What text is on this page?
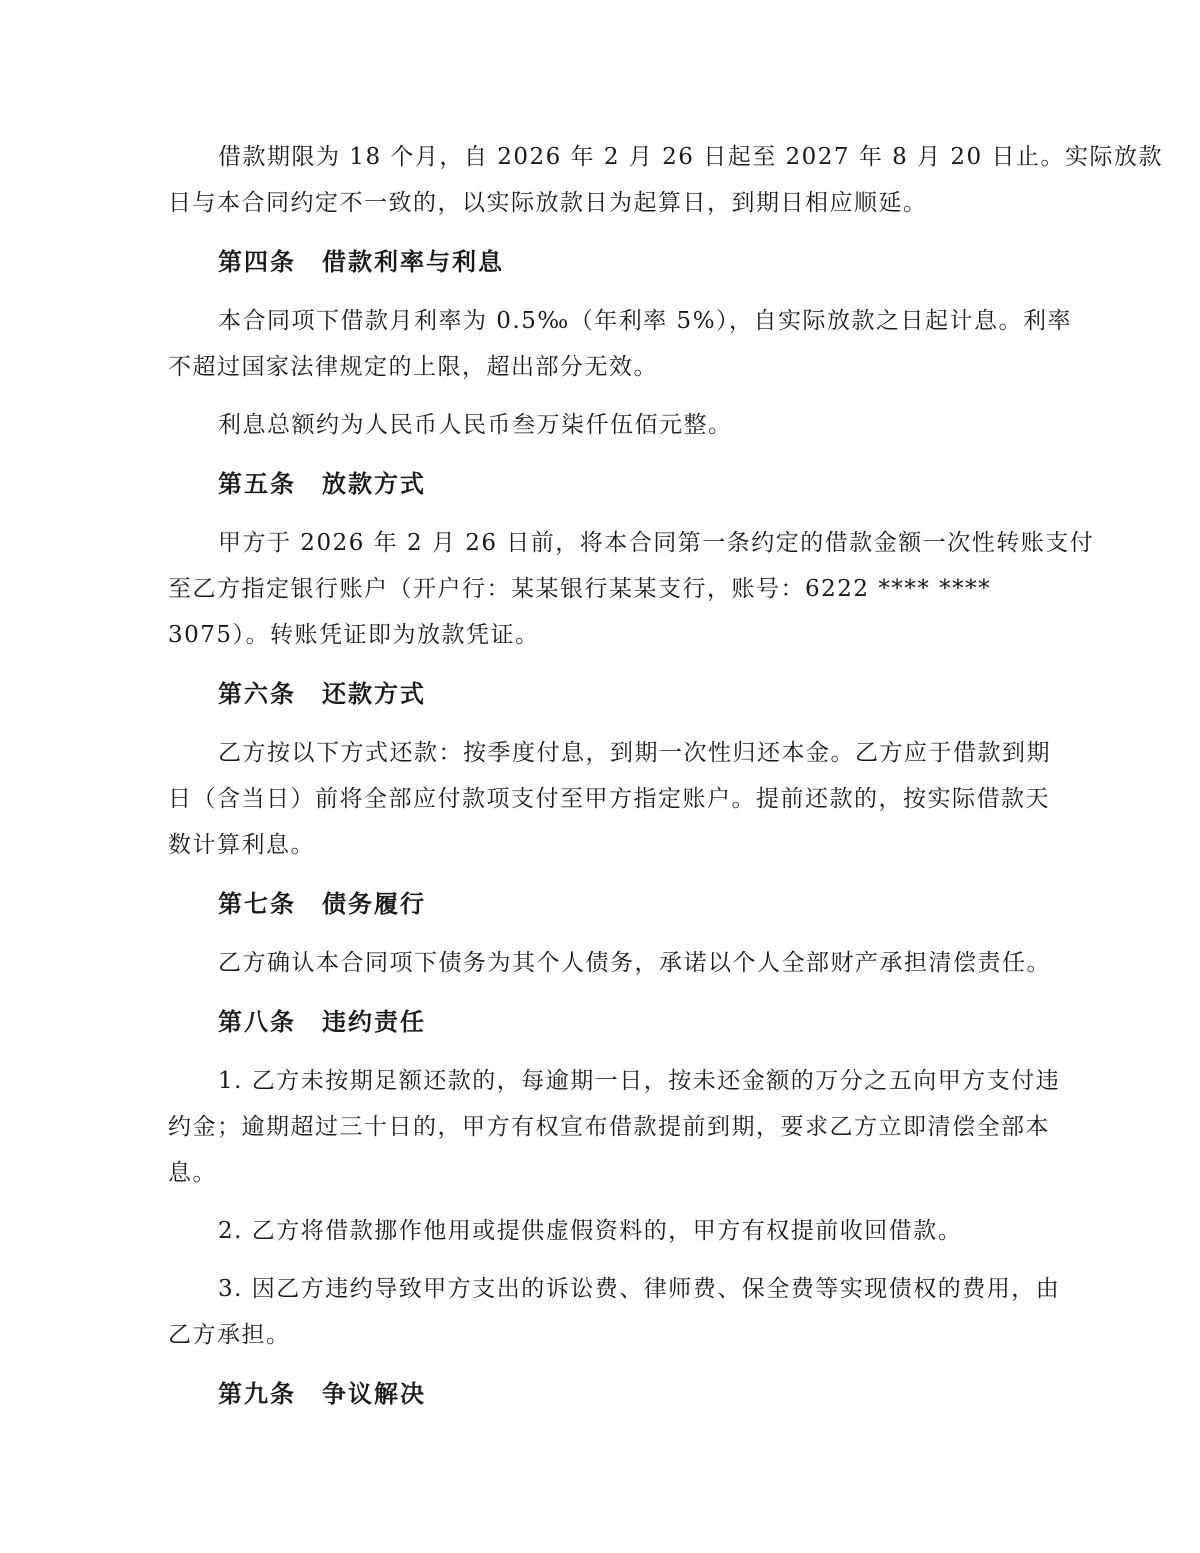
借款期限为 18 个月，自 2026 年 2 月 26 日起至 2027 年 8 月 20 日止。实际放款
日与本合同约定不一致的，以实际放款日为起算日，到期日相应顺延。
第四条 借款利率与利息
本合同项下借款月利率为 0.5‰（年利率 5%），自实际放款之日起计息。利率
不超过国家法律规定的上限，超出部分无效。
利息总额约为人民币人民币叁万柒仟伍佰元整。
第五条 放款方式
甲方于 2026 年 2 月 26 日前，将本合同第一条约定的借款金额一次性转账支付
至乙方指定银行账户（开户行：某某银行某某支行，账号：6222 **** ****
3075）。转账凭证即为放款凭证。
第六条 还款方式
乙方按以下方式还款：按季度付息，到期一次性归还本金。乙方应于借款到期
日（含当日）前将全部应付款项支付至甲方指定账户。提前还款的，按实际借款天
数计算利息。
第七条 债务履行
乙方确认本合同项下债务为其个人债务，承诺以个人全部财产承担清偿责任。
第八条 违约责任
1. 乙方未按期足额还款的，每逾期一日，按未还金额的万分之五向甲方支付违
约金；逾期超过三十日的，甲方有权宣布借款提前到期，要求乙方立即清偿全部本
息。
2. 乙方将借款挪作他用或提供虚假资料的，甲方有权提前收回借款。
3. 因乙方违约导致甲方支出的诉讼费、律师费、保全费等实现债权的费用，由
乙方承担。
第九条 争议解决
